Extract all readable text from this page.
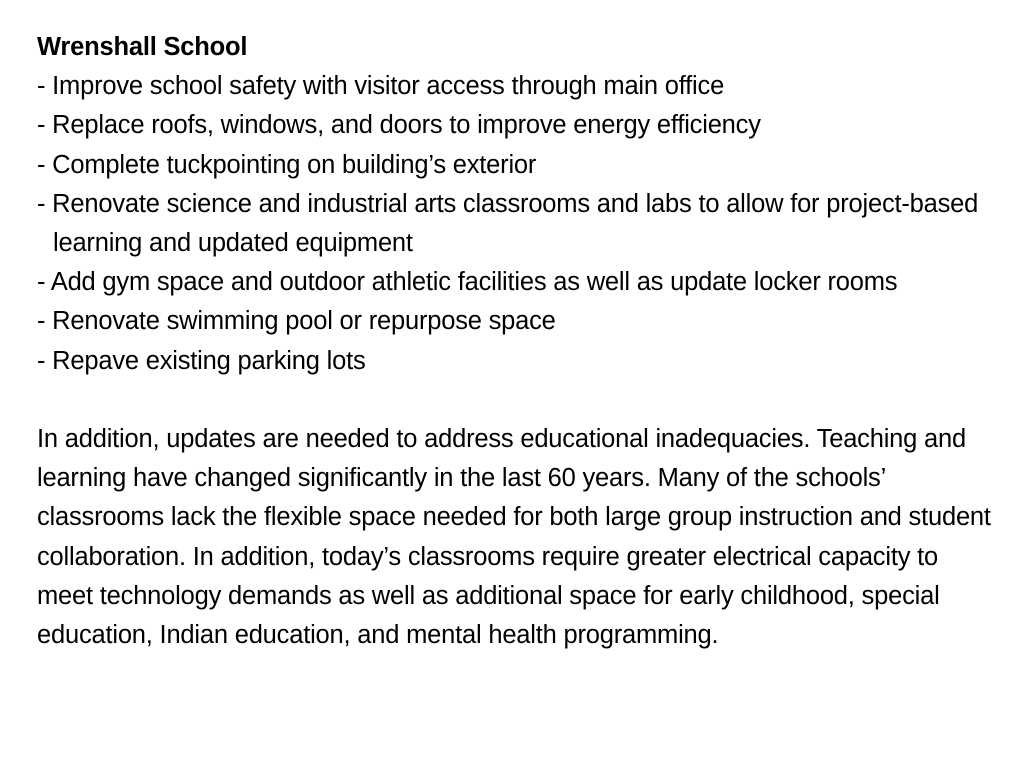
Wrenshall School
- Improve school safety with visitor access through main office
- Replace roofs, windows, and doors to improve energy efficiency
- Complete tuckpointing on building’s exterior
- Renovate science and industrial arts classrooms and labs to allow for project-based learning and updated equipment
- Add gym space and outdoor athletic facilities as well as update locker rooms
- Renovate swimming pool or repurpose space
- Repave existing parking lots

In addition, updates are needed to address educational inadequacies. Teaching and learning have changed significantly in the last 60 years. Many of the schools’ classrooms lack the flexible space needed for both large group instruction and student collaboration. In addition, today’s classrooms require greater electrical capacity to meet technology demands as well as additional space for early childhood, special education, Indian education, and mental health programming.
